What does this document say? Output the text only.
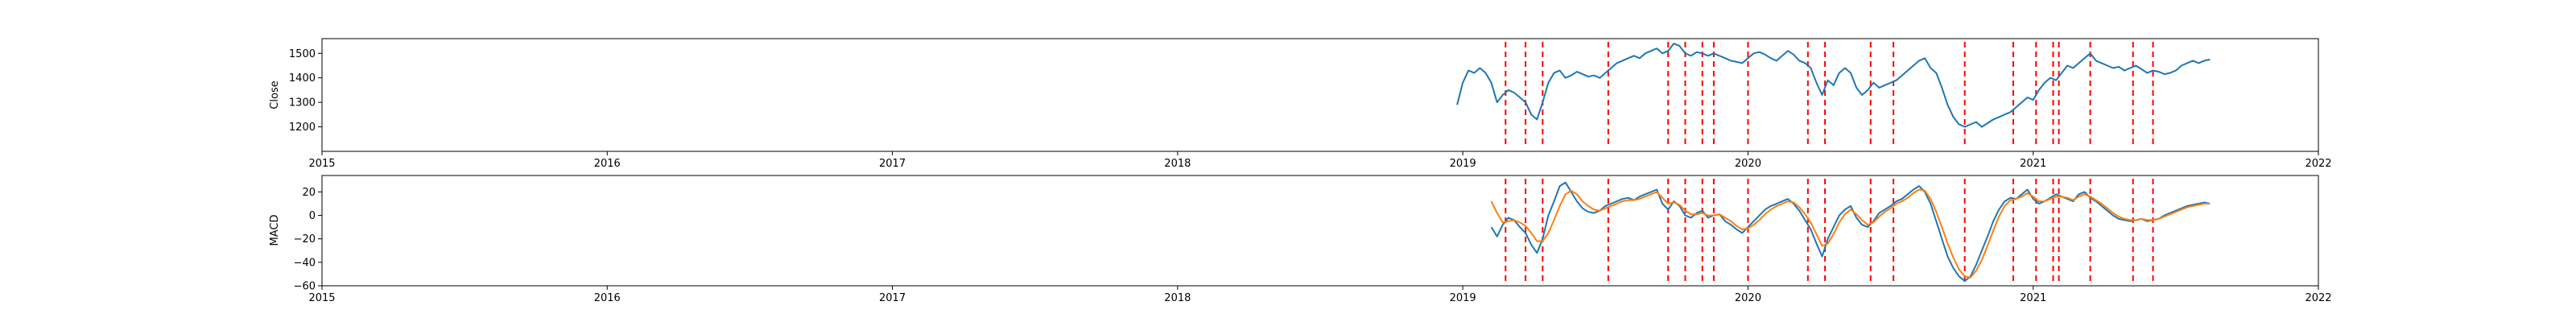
2015	2016	2017	2018	2019	2020	2021	2022
1200
1300
1400
1500
Close
2015	2016	2017	2018	2019	2020	2021	2022
−60
−40
−20
0
20
MACD
